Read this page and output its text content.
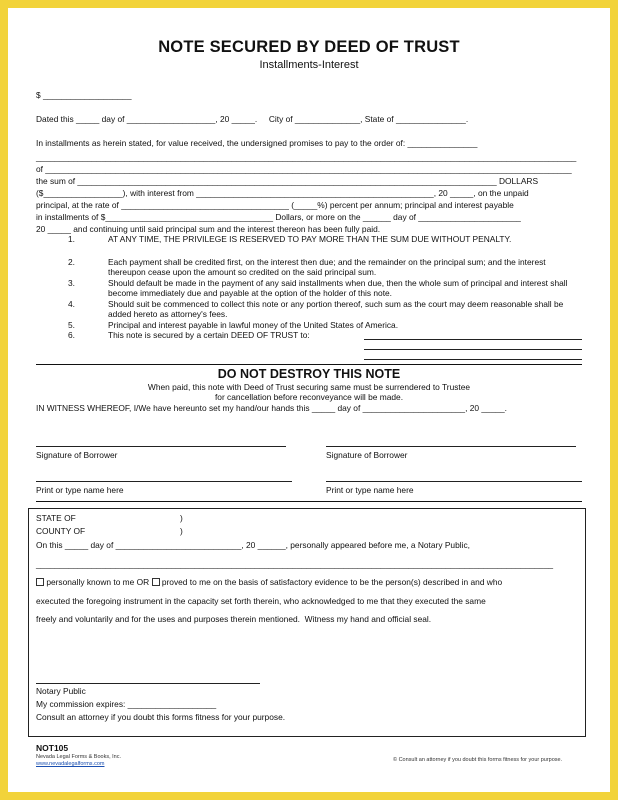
NOTE SECURED BY DEED OF TRUST
Installments-Interest
$ ___________________
Dated this _____ day of ___________________, 20 _____.     City of ______________, State of _______________.
In installments as herein stated, for value received, the undersigned promises to pay to the order of: _______________
____________________________________________________________________________________________________________________
of _________________________________________________________________________________________________________________
the sum of __________________________________________________________________________________________ DOLLARS
($_________________), with interest from ___________________________________________________, 20 _____, on the unpaid
principal, at the rate of ____________________________________ (_____%) percent per annum; principal and interest payable
in installments of $____________________________________ Dollars, or more on the ______ day of ______________________
20 _____ and continuing until said principal sum and the interest thereon has been fully paid.
1.	AT ANY TIME, THE PRIVILEGE IS RESERVED TO PAY MORE THAN THE SUM DUE WITHOUT PENALTY.
2.	Each payment shall be credited first, on the interest then due; and the remainder on the principal sum; and the interest thereupon cease upon the amount so credited on the said principal sum.
3.	Should default be made in the payment of any said installments when due, then the whole sum of principal and interest shall become immediately due and payable at the option of the holder of this note.
4.	Should suit be commenced to collect this note or any portion thereof, such sum as the court may deem reasonable shall be added hereto as attorney's fees.
5.	Principal and interest payable in lawful money of the United States of America.
6.	This note is secured by a certain DEED OF TRUST to:
DO NOT DESTROY THIS NOTE
When paid, this note with Deed of Trust securing same must be surrendered to Trustee
for cancellation before reconveyance will be made.
IN WITNESS WHEREOF, I/We have hereunto set my hand/our hands this _____ day of ______________________, 20 _____.
Signature of Borrower	Signature of Borrower
Print or type name here	Print or type name here
STATE OF	)
COUNTY OF	)
On this _____ day of ___________________________, 20 ______, personally appeared before me, a Notary Public,
_______________________________________________________________________________________________________________
personally known to me OR proved to me on the basis of satisfactory evidence to be the person(s) described in and who
executed the foregoing instrument in the capacity set forth therein, who acknowledged to me that they executed the same
freely and voluntarily and for the uses and purposes therein mentioned.  Witness my hand and official seal.
Notary Public
My commission expires: ___________________
Consult an attorney if you doubt this forms fitness for your purpose.
NOT105
Nevada Legal Forms & Books, Inc.
www.nevadalegalforms.com
© Consult an attorney if you doubt this forms fitness for your purpose.
